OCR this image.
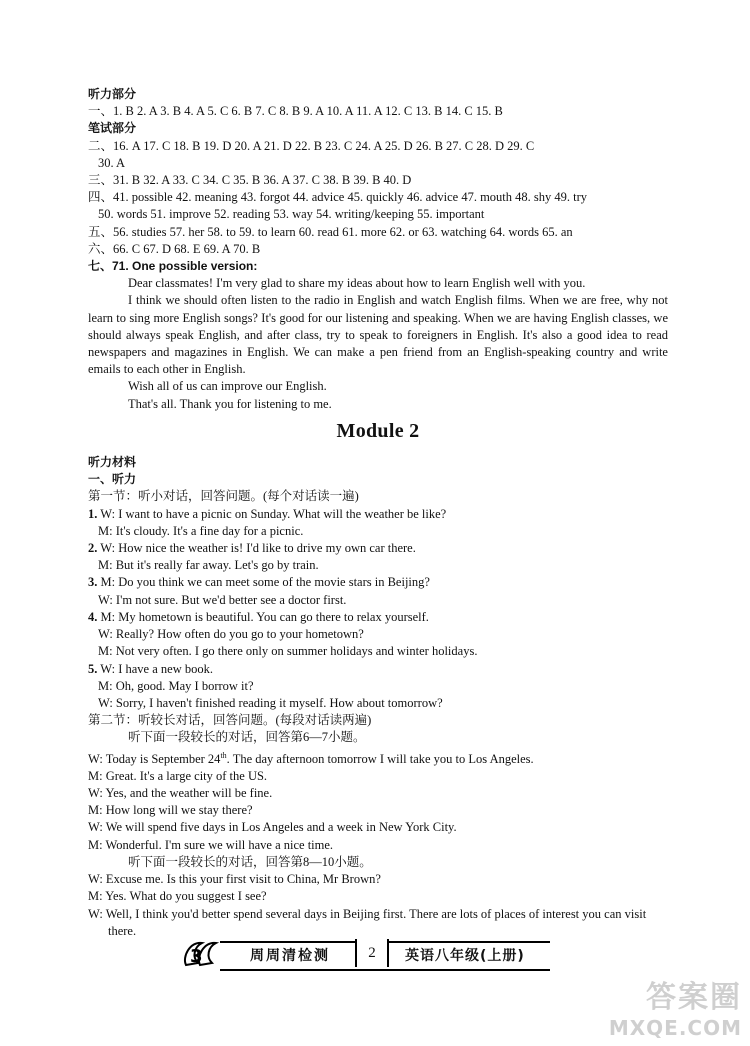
听力部分
一、1. B 2. A 3. B 4. A 5. C 6. B 7. C 8. B 9. A 10. A 11. A 12. C 13. B 14. C 15. B
笔试部分
二、16. A 17. C 18. B 19. D 20. A 21. D 22. B 23. C 24. A 25. D 26. B 27. C 28. D 29. C
30. A
三、31. B 32. A 33. C 34. C 35. B 36. A 37. C 38. B 39. B 40. D
四、41. possible 42. meaning 43. forgot 44. advice 45. quickly 46. advice 47. mouth 48. shy 49. try
50. words 51. improve 52. reading 53. way 54. writing/keeping 55. important
五、56. studies 57. her 58. to 59. to learn 60. read 61. more 62. or 63. watching 64. words 65. an
六、66. C 67. D 68. E 69. A 70. B
七、71. One possible version:
Dear classmates! I'm very glad to share my ideas about how to learn English well with you.
I think we should often listen to the radio in English and watch English films. When we are free, why not learn to sing more English songs? It's good for our listening and speaking. When we are having English classes, we should always speak English, and after class, try to speak to foreigners in English. It's also a good idea to read newspapers and magazines in English. We can make a pen friend from an English-speaking country and write emails to each other in English.
Wish all of us can improve our English.
That's all. Thank you for listening to me.
Module 2
听力材料
一、听力
第一节：听小对话，回答问题。(每个对话读一遍)
1. W: I want to have a picnic on Sunday. What will the weather be like?
M: It's cloudy. It's a fine day for a picnic.
2. W: How nice the weather is! I'd like to drive my own car there.
M: But it's really far away. Let's go by train.
3. M: Do you think we can meet some of the movie stars in Beijing?
W: I'm not sure. But we'd better see a doctor first.
4. M: My hometown is beautiful. You can go there to relax yourself.
W: Really? How often do you go to your hometown?
M: Not very often. I go there only on summer holidays and winter holidays.
5. W: I have a new book.
M: Oh, good. May I borrow it?
W: Sorry, I haven't finished reading it myself. How about tomorrow?
第二节：听较长对话，回答问题。(每段对话读两遍)
听下面一段较长的对话，回答第6—7小题。
W: Today is September 24th. The day afternoon tomorrow I will take you to Los Angeles.
M: Great. It's a large city of the US.
W: Yes, and the weather will be fine.
M: How long will we stay there?
W: We will spend five days in Los Angeles and a week in New York City.
M: Wonderful. I'm sure we will have a nice time.
听下面一段较长的对话，回答第8—10小题。
W: Excuse me. Is this your first visit to China, Mr Brown?
M: Yes. What do you suggest I see?
W: Well, I think you'd better spend several days in Beijing first. There are lots of places of interest you can visit there.
3	周周清检测	2	英语八年级(上册)
答案圈
MXQE.COM
